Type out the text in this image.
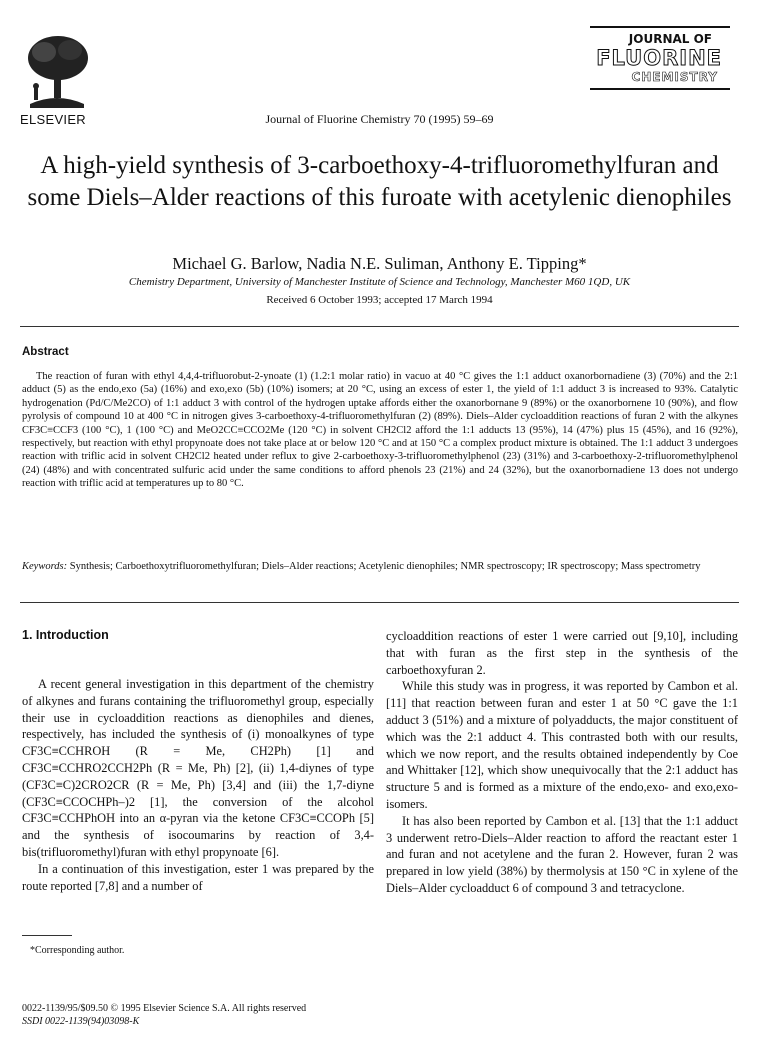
ELSEVIER	Journal of Fluorine Chemistry 70 (1995) 59–69
JOURNAL OF
FLUORINE
CHEMISTRY
A high-yield synthesis of 3-carboethoxy-4-trifluoromethylfuran and some Diels–Alder reactions of this furoate with acetylenic dienophiles
Michael G. Barlow, Nadia N.E. Suliman, Anthony E. Tipping*
Chemistry Department, University of Manchester Institute of Science and Technology, Manchester M60 1QD, UK
Received 6 October 1993; accepted 17 March 1994
Abstract
The reaction of furan with ethyl 4,4,4-trifluorobut-2-ynoate (1) (1.2:1 molar ratio) in vacuo at 40 °C gives the 1:1 adduct oxanorbornadiene (3) (70%) and the 2:1 adduct (5) as the endo,exo (5a) (16%) and exo,exo (5b) (10%) isomers; at 20 °C, using an excess of ester 1, the yield of 1:1 adduct 3 is increased to 93%. Catalytic hydrogenation (Pd/C/Me2CO) of 1:1 adduct 3 with control of the hydrogen uptake affords either the oxanorbornane 9 (89%) or the oxanorbornene 10 (90%), and flow pyrolysis of compound 10 at 400 °C in nitrogen gives 3-carboethoxy-4-trifluoromethylfuran (2) (89%). Diels–Alder cycloaddition reactions of furan 2 with the alkynes CF3C≡CCF3 (100 °C), 1 (100 °C) and MeO2CC≡CCO2Me (120 °C) in solvent CH2Cl2 afford the 1:1 adducts 13 (95%), 14 (47%) plus 15 (45%), and 16 (92%), respectively, but reaction with ethyl propynoate does not take place at or below 120 °C and at 150 °C a complex product mixture is obtained. The 1:1 adduct 3 undergoes reaction with triflic acid in solvent CH2Cl2 heated under reflux to give 2-carboethoxy-3-trifluoromethylphenol (23) (31%) and 3-carboethoxy-2-trifluoromethylphenol (24) (48%) and with concentrated sulfuric acid under the same conditions to afford phenols 23 (21%) and 24 (32%), but the oxanorbornadiene 13 does not undergo reaction with triflic acid at temperatures up to 80 °C.
Keywords: Synthesis; Carboethoxytrifluoromethylfuran; Diels–Alder reactions; Acetylenic dienophiles; NMR spectroscopy; IR spectroscopy; Mass spectrometry
1. Introduction

A recent general investigation in this department of the chemistry of alkynes and furans containing the trifluoromethyl group, especially their use in cycloaddition reactions as dienophiles and dienes, respectively, has included the synthesis of (i) monoalkynes of type CF3C≡CCHROH (R = Me, CH2Ph) [1] and CF3C≡CCHRO2CCH2Ph (R = Me, Ph) [2], (ii) 1,4-diynes of type (CF3C≡C)2CRO2CR (R = Me, Ph) [3,4] and (iii) the 1,7-diyne (CF3C≡CCOCHPh–)2 [1], the conversion of the alcohol CF3C≡CCHPhOH into an α-pyran via the ketone CF3C≡CCOPh [5] and the synthesis of isocoumarins by reaction of 3,4-bis(trifluoromethyl)furan with ethyl propynoate [6].

In a continuation of this investigation, ester 1 was prepared by the route reported [7,8] and a number of

cycloaddition reactions of ester 1 were carried out [9,10], including that with furan as the first step in the synthesis of the carboethoxyfuran 2.

While this study was in progress, it was reported by Cambon et al. [11] that reaction between furan and ester 1 at 50 °C gave the 1:1 adduct 3 (51%) and a mixture of polyadducts, the major constituent of which was the 2:1 adduct 4. This contrasted both with our results, which we now report, and the results obtained independently by Coe and Whittaker [12], which show unequivocally that the 2:1 adduct has structure 5 and is formed as a mixture of the endo,exo- and exo,exo-isomers.

It has also been reported by Cambon et al. [13] that the 1:1 adduct 3 underwent retro-Diels–Alder reaction to afford the reactant ester 1 and furan and not acetylene and the furan 2. However, furan 2 was prepared in low yield (38%) by thermolysis at 150 °C in xylene of the Diels–Alder cycloadduct 6 of compound 3 and tetracyclone.

*Corresponding author.
0022-1139/95/$09.50 © 1995 Elsevier Science S.A. All rights reserved
SSDI 0022-1139(94)03098-K
